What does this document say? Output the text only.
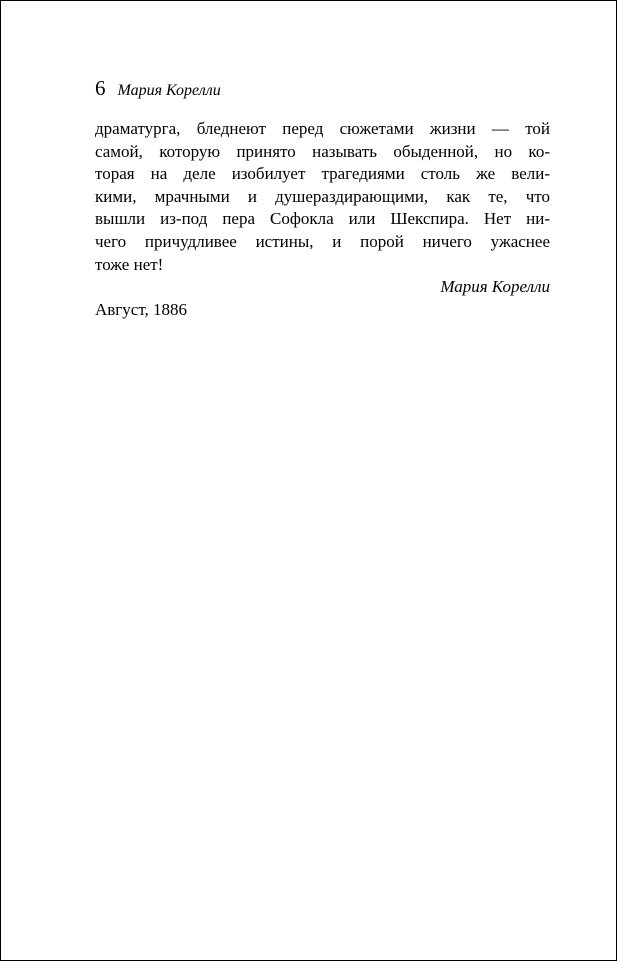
6 Мария Корелли
драматурга, бледнеют перед сюжетами жизни — той
самой, которую принято называть обыденной, но ко-
торая на деле изобилует трагедиями столь же вели-
кими, мрачными и душераздирающими, как те, что
вышли из-под пера Софокла или Шекспира. Нет ни-
чего причудливее истины, и порой ничего ужаснее
тоже нет!
Мария Корелли
Август, 1886
